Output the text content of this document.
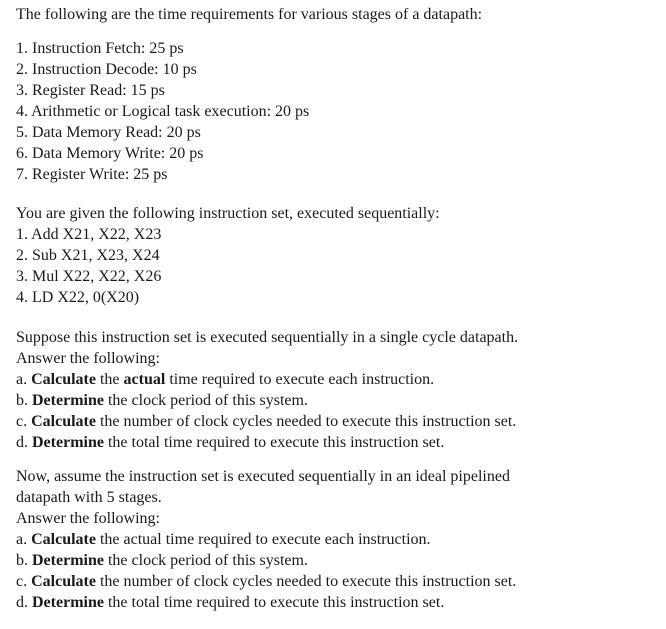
The following are the time requirements for various stages of a datapath:
1. Instruction Fetch: 25 ps
2. Instruction Decode: 10 ps
3. Register Read: 15 ps
4. Arithmetic or Logical task execution: 20 ps
5. Data Memory Read: 20 ps
6. Data Memory Write: 20 ps
7. Register Write: 25 ps
You are given the following instruction set, executed sequentially:
1. Add X21, X22, X23
2. Sub X21, X23, X24
3. Mul X22, X22, X26
4. LD X22, 0(X20)
Suppose this instruction set is executed sequentially in a single cycle datapath.
Answer the following:
a. Calculate the actual time required to execute each instruction.
b. Determine the clock period of this system.
c. Calculate the number of clock cycles needed to execute this instruction set.
d. Determine the total time required to execute this instruction set.
Now, assume the instruction set is executed sequentially in an ideal pipelined
datapath with 5 stages.
Answer the following:
a. Calculate the actual time required to execute each instruction.
b. Determine the clock period of this system.
c. Calculate the number of clock cycles needed to execute this instruction set.
d. Determine the total time required to execute this instruction set.
